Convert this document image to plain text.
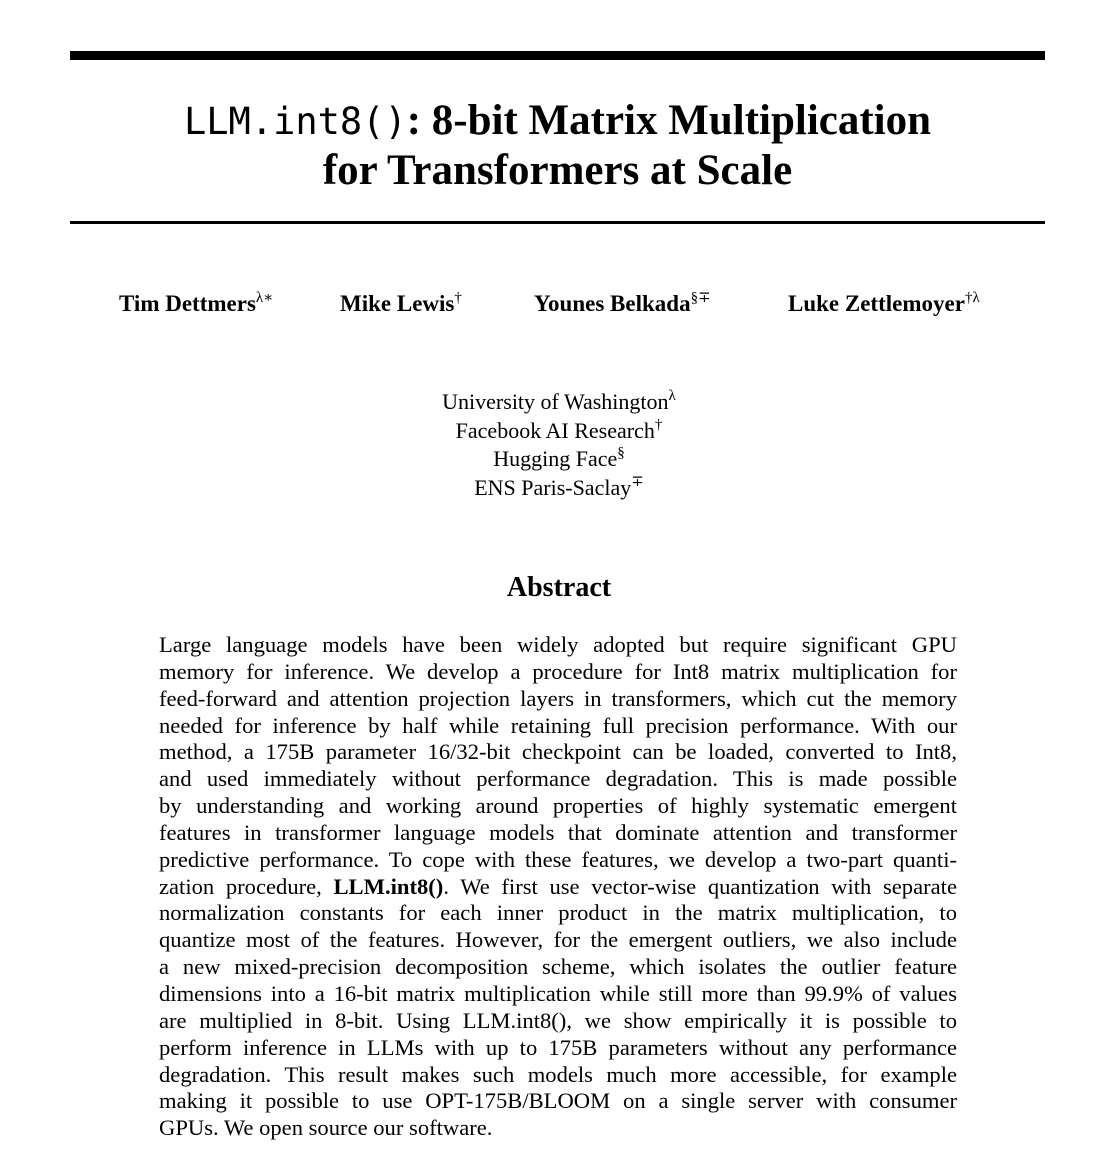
LLM.int8(): 8-bit Matrix Multiplication
for Transformers at Scale
Tim Dettmers$^{\lambda∗}$	Mike Lewis†	Younes Belkada§∓	Luke Zettlemoyer$^{\dagger\lambda}$
University of Washington$^\lambda$
Facebook AI Research†
Hugging Face§
ENS Paris-Saclay∓
Abstract
Large language models have been widely adopted but require significant GPU
memory for inference. We develop a procedure for Int8 matrix multiplication for
feed-forward and attention projection layers in transformers, which cut the memory
needed for inference by half while retaining full precision performance. With our
method, a 175B parameter 16/32-bit checkpoint can be loaded, converted to Int8,
and used immediately without performance degradation. This is made possible
by understanding and working around properties of highly systematic emergent
features in transformer language models that dominate attention and transformer
predictive performance. To cope with these features, we develop a two-part quanti-
zation procedure, LLM.int8(). We first use vector-wise quantization with separate
normalization constants for each inner product in the matrix multiplication, to
quantize most of the features. However, for the emergent outliers, we also include
a new mixed-precision decomposition scheme, which isolates the outlier feature
dimensions into a 16-bit matrix multiplication while still more than 99.9% of values
are multiplied in 8-bit. Using LLM.int8(), we show empirically it is possible to
perform inference in LLMs with up to 175B parameters without any performance
degradation. This result makes such models much more accessible, for example
making it possible to use OPT-175B/BLOOM on a single server with consumer
GPUs. We open source our software.
